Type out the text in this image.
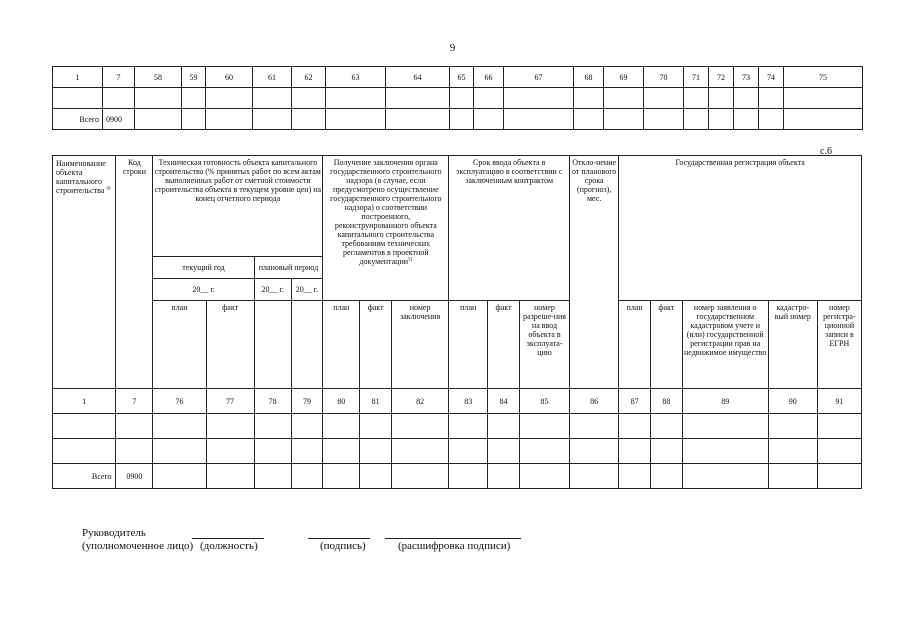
9
1	7	58	59	60	61	62	63	64	65	66	67	68	69	70	71	72	73	74	75

Всего	0900																		
с.6
Наименование объекта капитального строительства $^{4)}$	Код строки	Техническая готовность объекта капитального строительства (% принятых работ по всем актам выполненных работ от сметной стоимости строительства объекта в текущем уровне цен) на конец отчетного периода				Получение заключения органа государственного строительного надзора (в случае, если предусмотрено осуществление государственного строительного надзора) о соответствии построенного, реконструированного объекта капитального строительства требованиям технических регламентов в проектной документации$^{5)}$			Срок ввода объекта в эксплуатацию в соответствии с заключенным контрактом			Откло-нение от планового срока (прогноз), мес.	Государственная регистрация объекта				
		текущий год		плановый период													
		20__ г.		20__ г.	20__ г.												
		план	факт			план	факт	номер заключения	план	факт	номер разреше-ния на ввод объекта в эксплуата-цию		план	факт	номер заявления о государственном кадастровом учете и (или) государственной регистрации прав на недвижимое имущество	кадастро-вый номер	номер регистра-ционной записи в ЕГРН
1	7	76	77	78	79	80	81	82	83	84	85	86	87	88	89	90	91

Всего	0900																
Руководитель
(уполномоченное лицо) (должность)	(подпись)	(расшифровка подписи)
